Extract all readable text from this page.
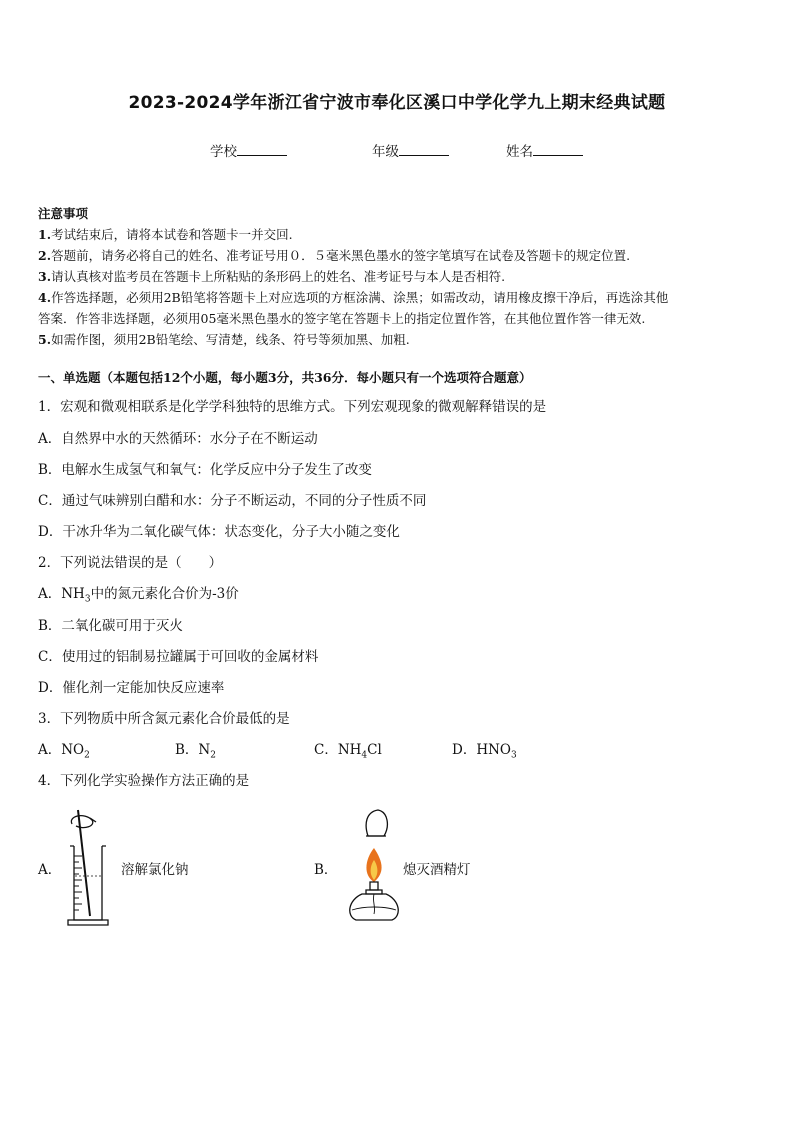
2023-2024学年浙江省宁波市奉化区溪口中学化学九上期末经典试题
学校	年级	姓名
注意事项
1.考试结束后，请将本试卷和答题卡一并交回.
2.答题前，请务必将自己的姓名、准考证号用０．５毫米黑色墨水的签字笔填写在试卷及答题卡的规定位置.
3.请认真核对监考员在答题卡上所粘贴的条形码上的姓名、准考证号与本人是否相符.
4.作答选择题，必须用2B铅笔将答题卡上对应选项的方框涂满、涂黑；如需改动，请用橡皮擦干净后，再选涂其他
答案．作答非选择题，必须用05毫米黑色墨水的签字笔在答题卡上的指定位置作答，在其他位置作答一律无效.
5.如需作图，须用2B铅笔绘、写清楚，线条、符号等须加黑、加粗.
一、单选题（本题包括12个小题，每小题3分，共36分．每小题只有一个选项符合题意）
1．宏观和微观相联系是化学学科独特的思维方式。下列宏观现象的微观解释错误的是
A．自然界中水的天然循环：水分子在不断运动
B．电解水生成氢气和氧气：化学反应中分子发生了改变
C．通过气味辨别白醋和水：分子不断运动，不同的分子性质不同
D．干冰升华为二氧化碳气体：状态变化，分子大小随之变化
2．下列说法错误的是（　　）
A．$NH_3$中的氮元素化合价为-3价
B．二氧化碳可用于灭火
C．使用过的铝制易拉罐属于可回收的金属材料
D．催化剂一定能加快反应速率
3．下列物质中所含氮元素化合价最低的是
A．$NO_2$	B．$N_2$	C．$NH_4Cl$	D．$HNO_3$
4．下列化学实验操作方法正确的是
A．	溶解氯化钠	B．	熄灭酒精灯
